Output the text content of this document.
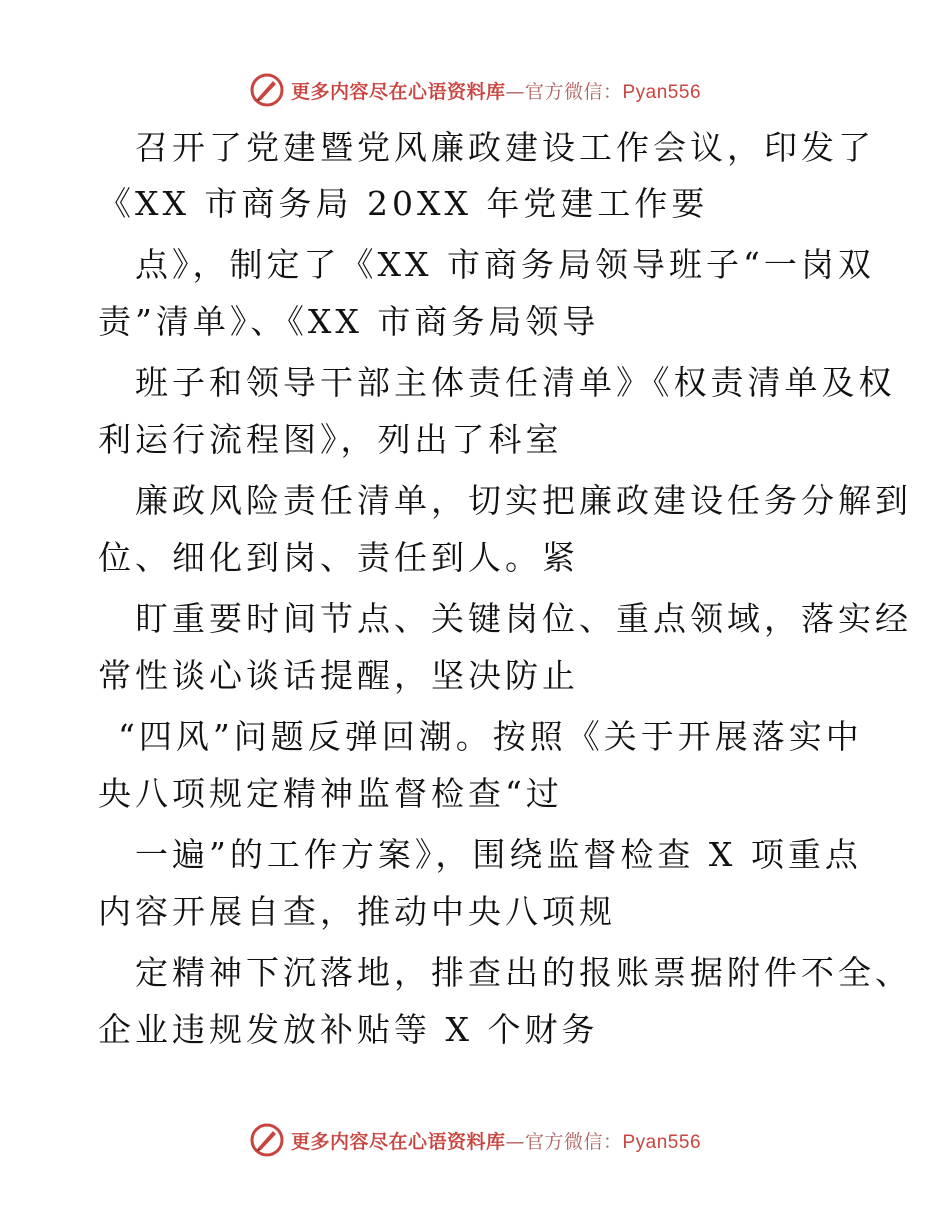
更多内容尽在心语资料库—官方微信：Pyan556
召开了党建暨党风廉政建设工作会议，印发了
《XX 市商务局 20XX 年党建工作要
点》，制定了《XX 市商务局领导班子“一岗双
责”清单》、《XX 市商务局领导
班子和领导干部主体责任清单》《权责清单及权
利运行流程图》，列出了科室
廉政风险责任清单，切实把廉政建设任务分解到
位、细化到岗、责任到人。紧
盯重要时间节点、关键岗位、重点领域，落实经
常性谈心谈话提醒，坚决防止
“四风”问题反弹回潮。按照《关于开展落实中
央八项规定精神监督检查“过
一遍”的工作方案》，围绕监督检查 X 项重点
内容开展自查，推动中央八项规
定精神下沉落地，排查出的报账票据附件不全、
企业违规发放补贴等 X 个财务
更多内容尽在心语资料库—官方微信：Pyan556
